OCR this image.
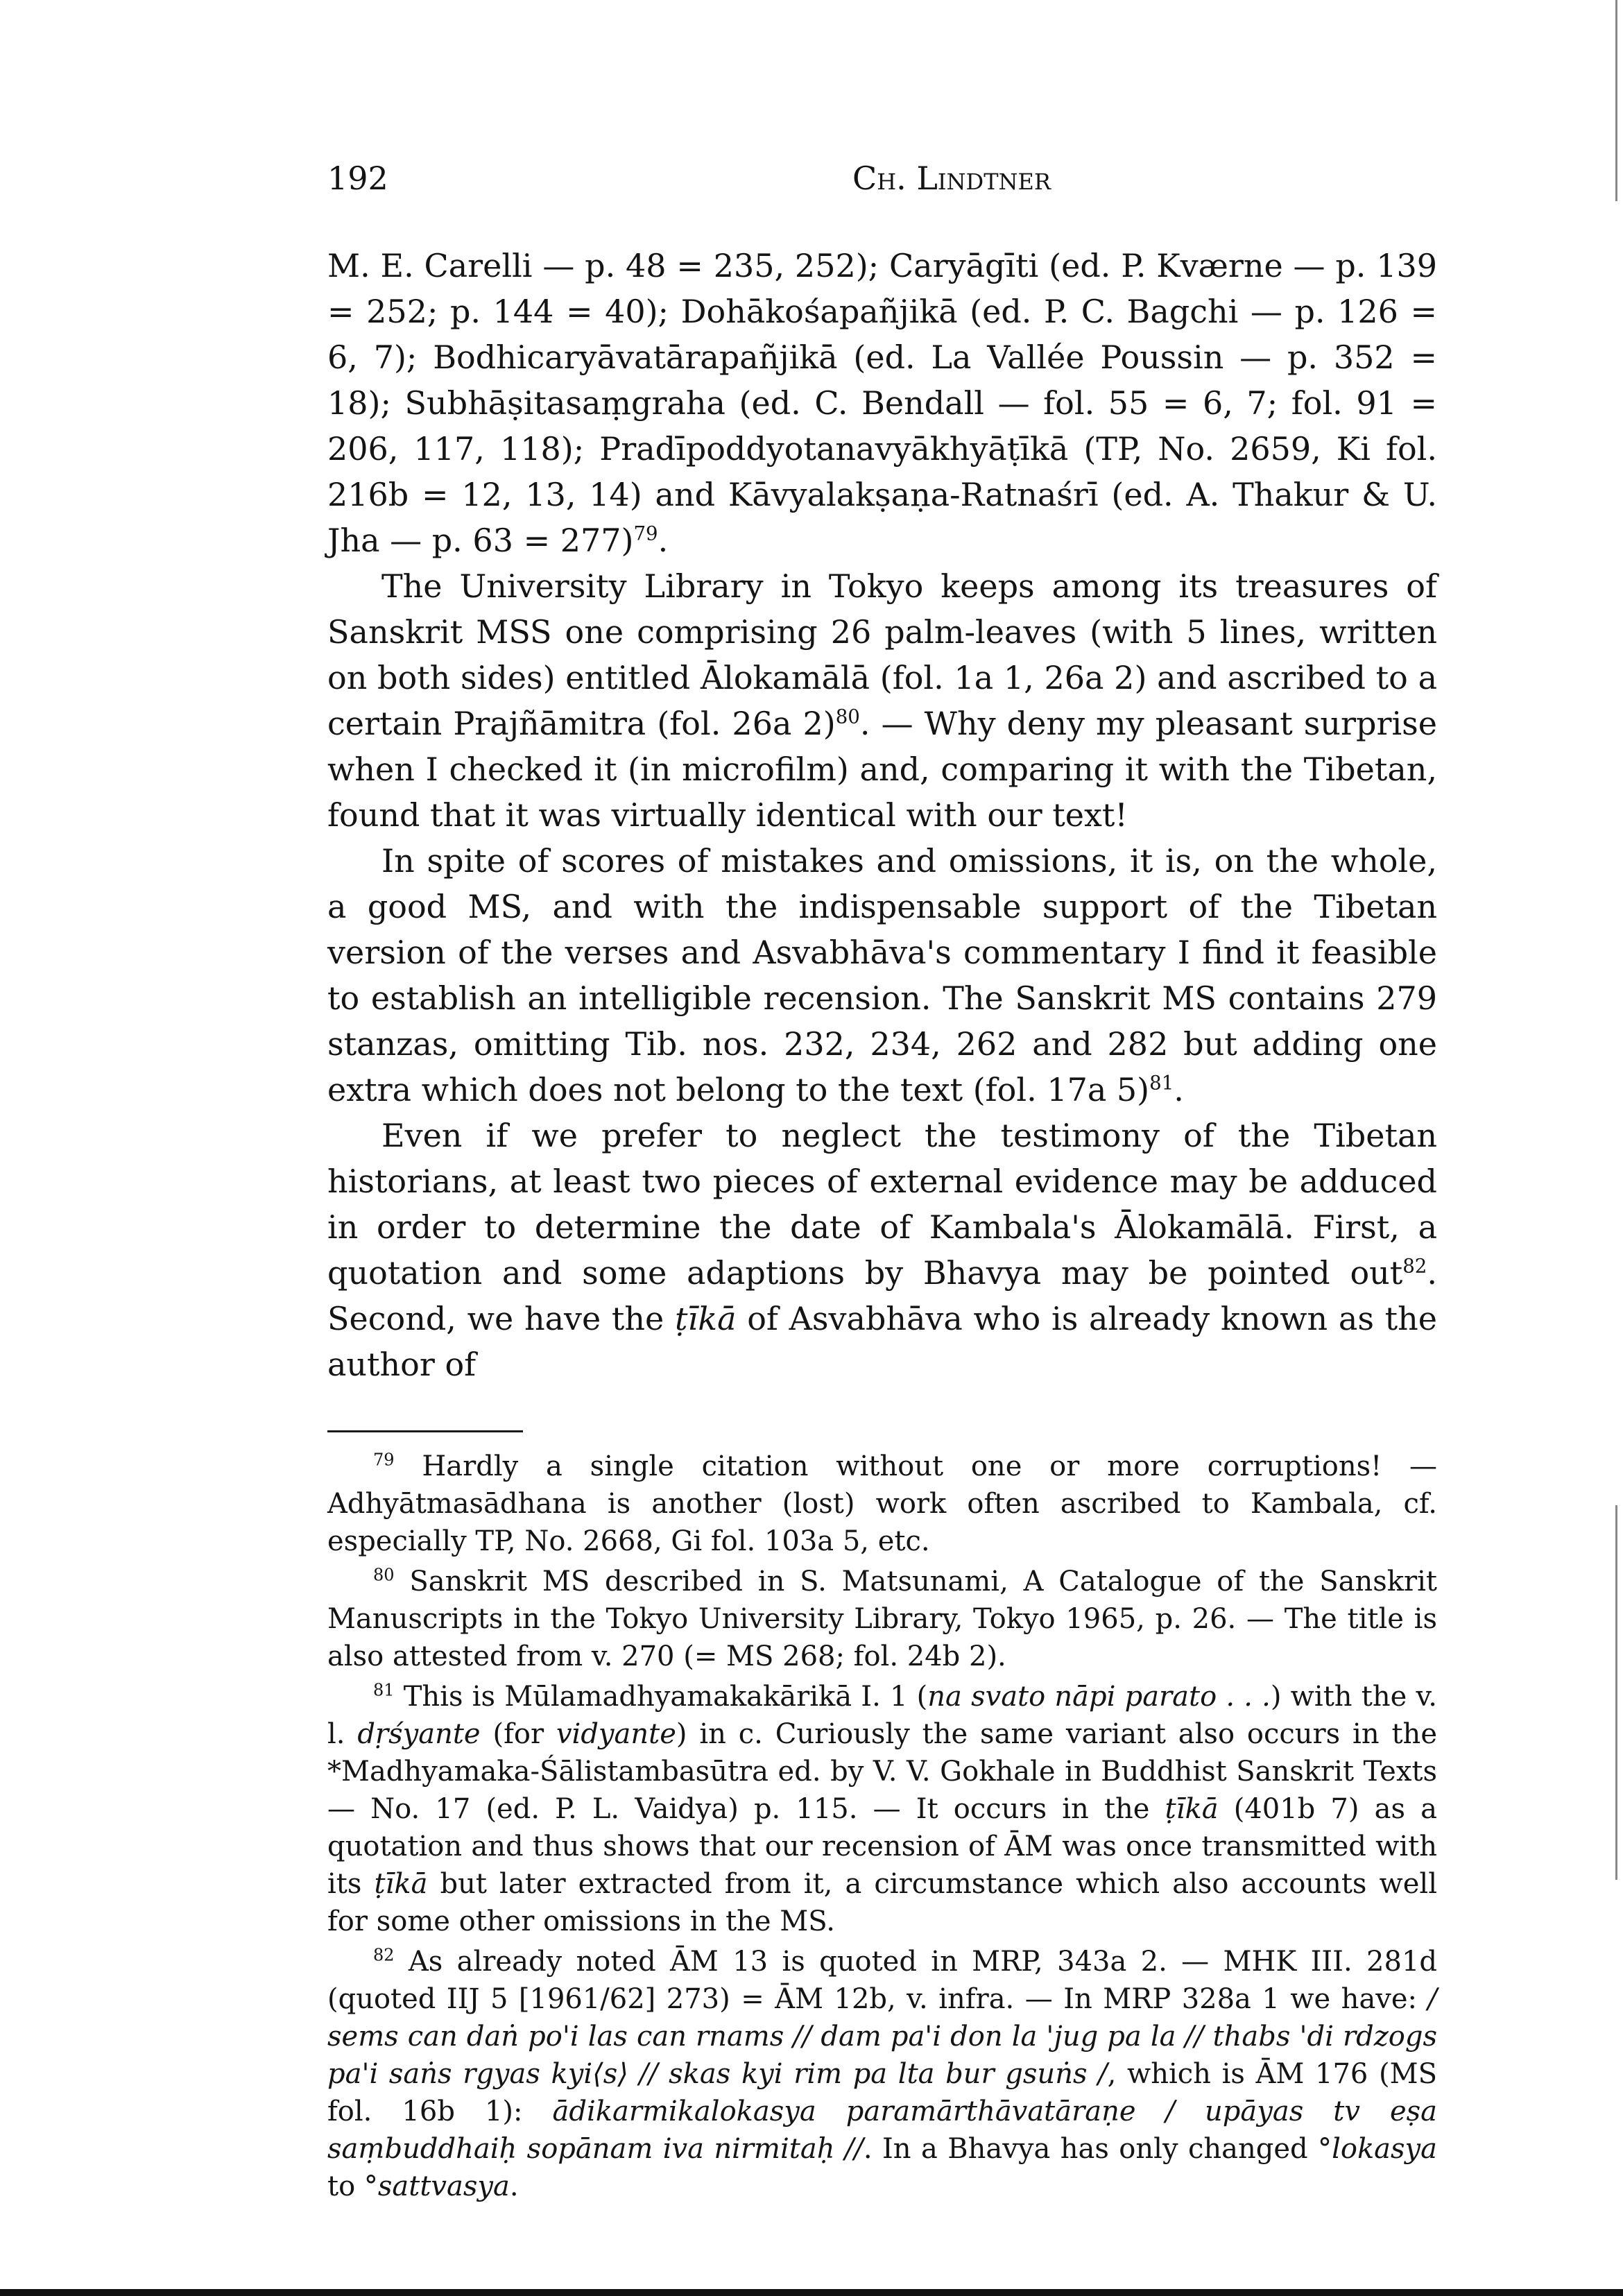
192	Ch. Lindtner

M. E. Carelli — p. 48 = 235, 252); Caryāgīti (ed. P. Kværne — p. 139 = 252; p. 144 = 40); Dohākośapañjikā (ed. P. C. Bagchi — p. 126 = 6, 7); Bodhicaryāvatārapañjikā (ed. La Vallée Poussin — p. 352 = 18); Subhāṣitasaṃgraha (ed. C. Bendall — fol. 55 = 6, 7; fol. 91 = 206, 117, 118); Pradīpoddyotanavyākhyāṭīkā (TP, No. 2659, Ki fol. 216b = 12, 13, 14) and Kāvyalakṣaṇa-Ratnaśrī (ed. A. Thakur & U. Jha — p. 63 = 277)$^{79}$.

The University Library in Tokyo keeps among its treasures of Sanskrit MSS one comprising 26 palm-leaves (with 5 lines, written on both sides) entitled Ālokamālā (fol. 1a 1, 26a 2) and ascribed to a certain Prajñāmitra (fol. 26a 2)$^{80}$. — Why deny my pleasant surprise when I checked it (in microfilm) and, comparing it with the Tibetan, found that it was virtually identical with our text!

In spite of scores of mistakes and omissions, it is, on the whole, a good MS, and with the indispensable support of the Tibetan version of the verses and Asvabhāva's commentary I find it feasible to establish an intelligible recension. The Sanskrit MS contains 279 stanzas, omitting Tib. nos. 232, 234, 262 and 282 but adding one extra which does not belong to the text (fol. 17a 5)$^{81}$.

Even if we prefer to neglect the testimony of the Tibetan historians, at least two pieces of external evidence may be adduced in order to determine the date of Kambala's Ālokamālā. First, a quotation and some adaptions by Bhavya may be pointed out$^{82}$. Second, we have the ṭīkā of Asvabhāva who is already known as the author of

$^{79}$ Hardly a single citation without one or more corruptions! — Adhyātmasādhana is another (lost) work often ascribed to Kambala, cf. especially TP, No. 2668, Gi fol. 103a 5, etc.

$^{80}$ Sanskrit MS described in S. Matsunami, A Catalogue of the Sanskrit Manuscripts in the Tokyo University Library, Tokyo 1965, p. 26. — The title is also attested from v. 270 (= MS 268; fol. 24b 2).

$^{81}$ This is Mūlamadhyamakakārikā I. 1 (na svato nāpi parato . . .) with the v. l. dṛśyante (for vidyante) in c. Curiously the same variant also occurs in the *Madhyamaka-Śālistambasūtra ed. by V. V. Gokhale in Buddhist Sanskrit Texts — No. 17 (ed. P. L. Vaidya) p. 115. — It occurs in the ṭīkā (401b 7) as a quotation and thus shows that our recension of ĀM was once transmitted with its ṭīkā but later extracted from it, a circumstance which also accounts well for some other omissions in the MS.

$^{82}$ As already noted ĀM 13 is quoted in MRP, 343a 2. — MHK III. 281d (quoted IIJ 5 [1961/62] 273) = ĀM 12b, v. infra. — In MRP 328a 1 we have: / sems can daṅ po'i las can rnams // dam pa'i don la 'jug pa la // thabs 'di rdzogs pa'i saṅs rgyas kyi⟨s⟩ // skas kyi rim pa lta bur gsuṅs /, which is ĀM 176 (MS fol. 16b 1): ādikarmikalokasya paramārthāvatāraṇe / upāyas tv eṣa saṃbuddhaiḥ sopānam iva nirmitaḥ //. In a Bhavya has only changed °lokasya to °sattvasya.
